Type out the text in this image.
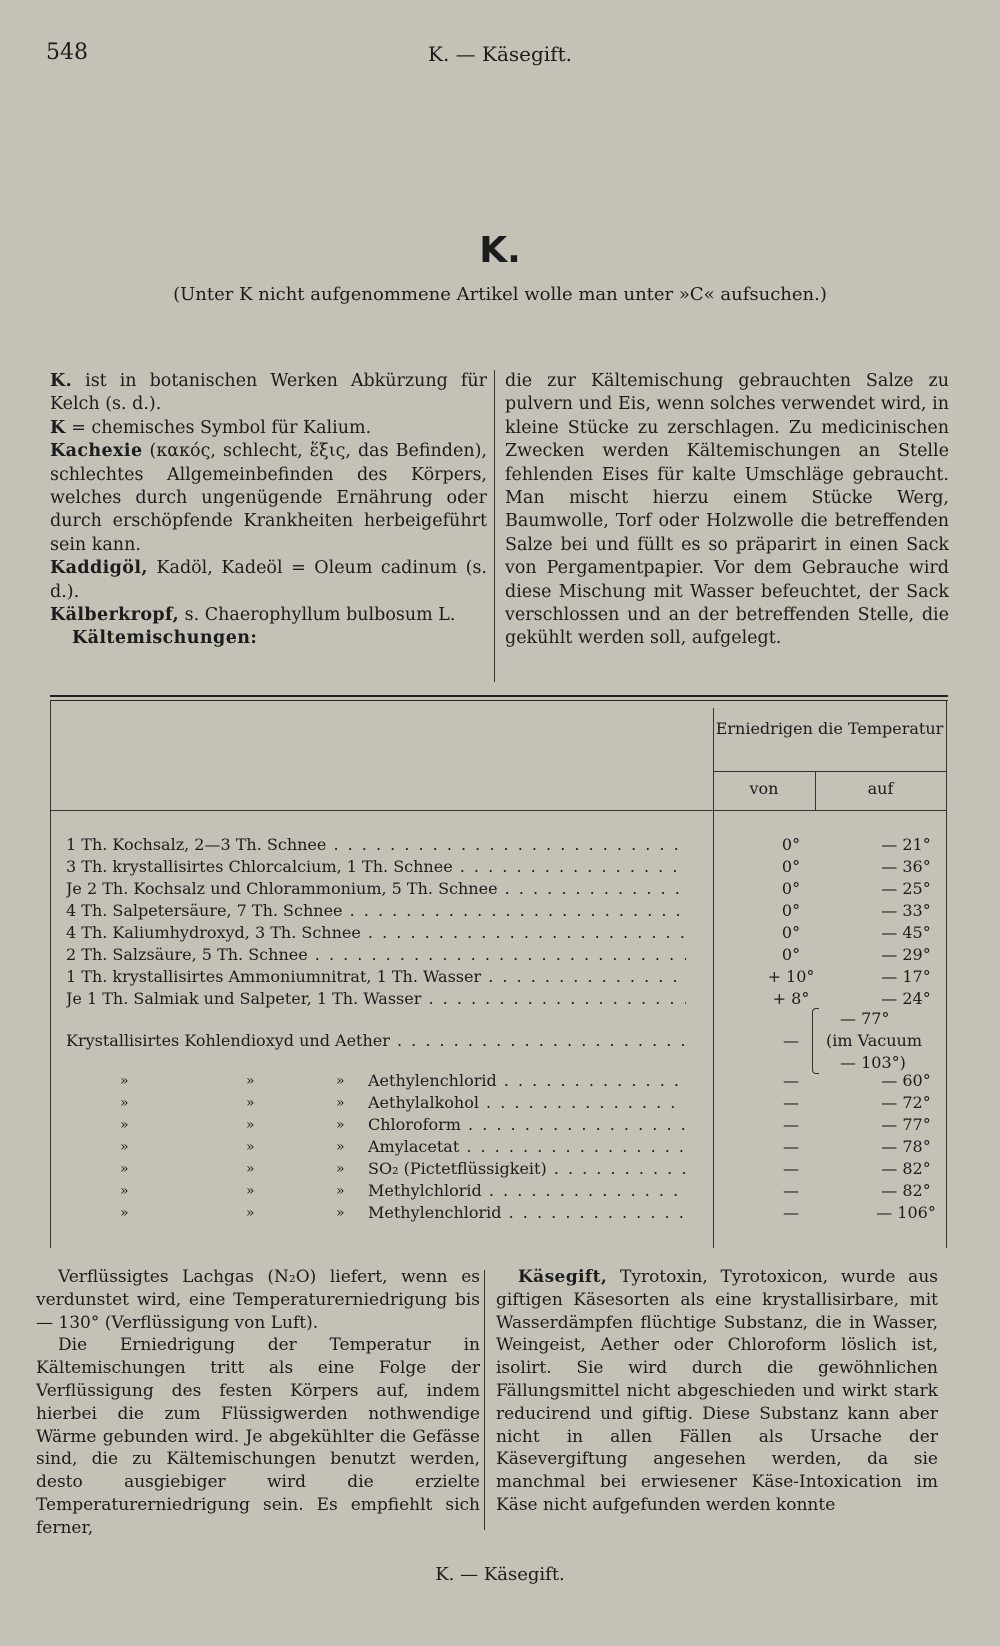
548	K. — Käsegift.
K.
(Unter K nicht aufgenommene Artikel wolle man unter »C« aufsuchen.)

K. ist in botanischen Werken Abkürzung für Kelch (s. d.).

K = chemisches Symbol für Kalium.

Kachexie (κακός, schlecht, ἕξις, das Befinden), schlechtes Allgemeinbefinden des Körpers, welches durch ungenügende Ernährung oder durch erschöpfende Krankheiten herbeigeführt sein kann.

Kaddigöl, Kadöl, Kadeöl = Oleum cadinum (s. d.).

Kälberkropf, s. Chaerophyllum bulbosum L.

Kältemischungen:

die zur Kältemischung gebrauchten Salze zu pulvern und Eis, wenn solches verwendet wird, in kleine Stücke zu zerschlagen. Zu medicinischen Zwecken werden Kältemischungen an Stelle fehlenden Eises für kalte Umschläge gebraucht. Man mischt hierzu einem Stücke Werg, Baumwolle, Torf oder Holzwolle die betreffenden Salze bei und füllt es so präparirt in einen Sack von Pergamentpapier. Vor dem Gebrauche wird diese Mischung mit Wasser befeuchtet, der Sack verschlossen und an der betreffenden Stelle, die gekühlt werden soll, aufgelegt.

Erniedrigen die Temperatur
von	auf
1 Th. Kochsalz, 2—3 Th. Schnee . . .	0°	— 21°
3 Th. krystallisirtes Chlorcalcium, 1 Th. Schnee . . .	0°	— 36°
Je 2 Th. Kochsalz und Chlorammonium, 5 Th. Schnee . . .	0°	— 25°
4 Th. Salpetersäure, 7 Th. Schnee . . .	0°	— 33°
4 Th. Kaliumhydroxyd, 3 Th. Schnee . . .	0°	— 45°
2 Th. Salzsäure, 5 Th. Schnee . . .	0°	— 29°
1 Th. krystallisirtes Ammoniumnitrat, 1 Th. Wasser . . .	+ 10°	— 17°
Je 1 Th. Salmiak und Salpeter, 1 Th. Wasser . . .	+ 8°	— 24°
Krystallisirtes Kohlendioxyd und Aether . . .	—
— 77°
(im Vacuum
— 103°)
»	»	» Aethylenchlorid . . .	—	— 60°
»	»	» Aethylalkohol . . .	—	— 72°
»	»	» Chloroform . . .	—	— 77°
»	»	» Amylacetat . . .	—	— 78°
»	»	» SO₂ (Pictetflüssigkeit) . . .	—	— 82°
»	»	» Methylchlorid . . .	—	— 82°
»	»	» Methylenchlorid . . .	—	— 106°

Verflüssigtes Lachgas (N₂O) liefert, wenn es verdunstet wird, eine Temperaturerniedrigung bis — 130° (Verflüssigung von Luft).

Die Erniedrigung der Temperatur in Kältemischungen tritt als eine Folge der Verflüssigung des festen Körpers auf, indem hierbei die zum Flüssigwerden nothwendige Wärme gebunden wird. Je abgekühlter die Gefässe sind, die zu Kältemischungen benutzt werden, desto ausgiebiger wird die erzielte Temperaturerniedrigung sein. Es empfiehlt sich ferner,

Käsegift, Tyrotoxin, Tyrotoxicon, wurde aus giftigen Käsesorten als eine krystallisirbare, mit Wasserdämpfen flüchtige Substanz, die in Wasser, Weingeist, Aether oder Chloroform löslich ist, isolirt. Sie wird durch die gewöhnlichen Fällungsmittel nicht abgeschieden und wirkt stark reducirend und giftig. Diese Substanz kann aber nicht in allen Fällen als Ursache der Käsevergiftung angesehen werden, da sie manchmal bei erwiesener Käse-Intoxication im Käse nicht aufgefunden werden konnte

K. — Käsegift.
